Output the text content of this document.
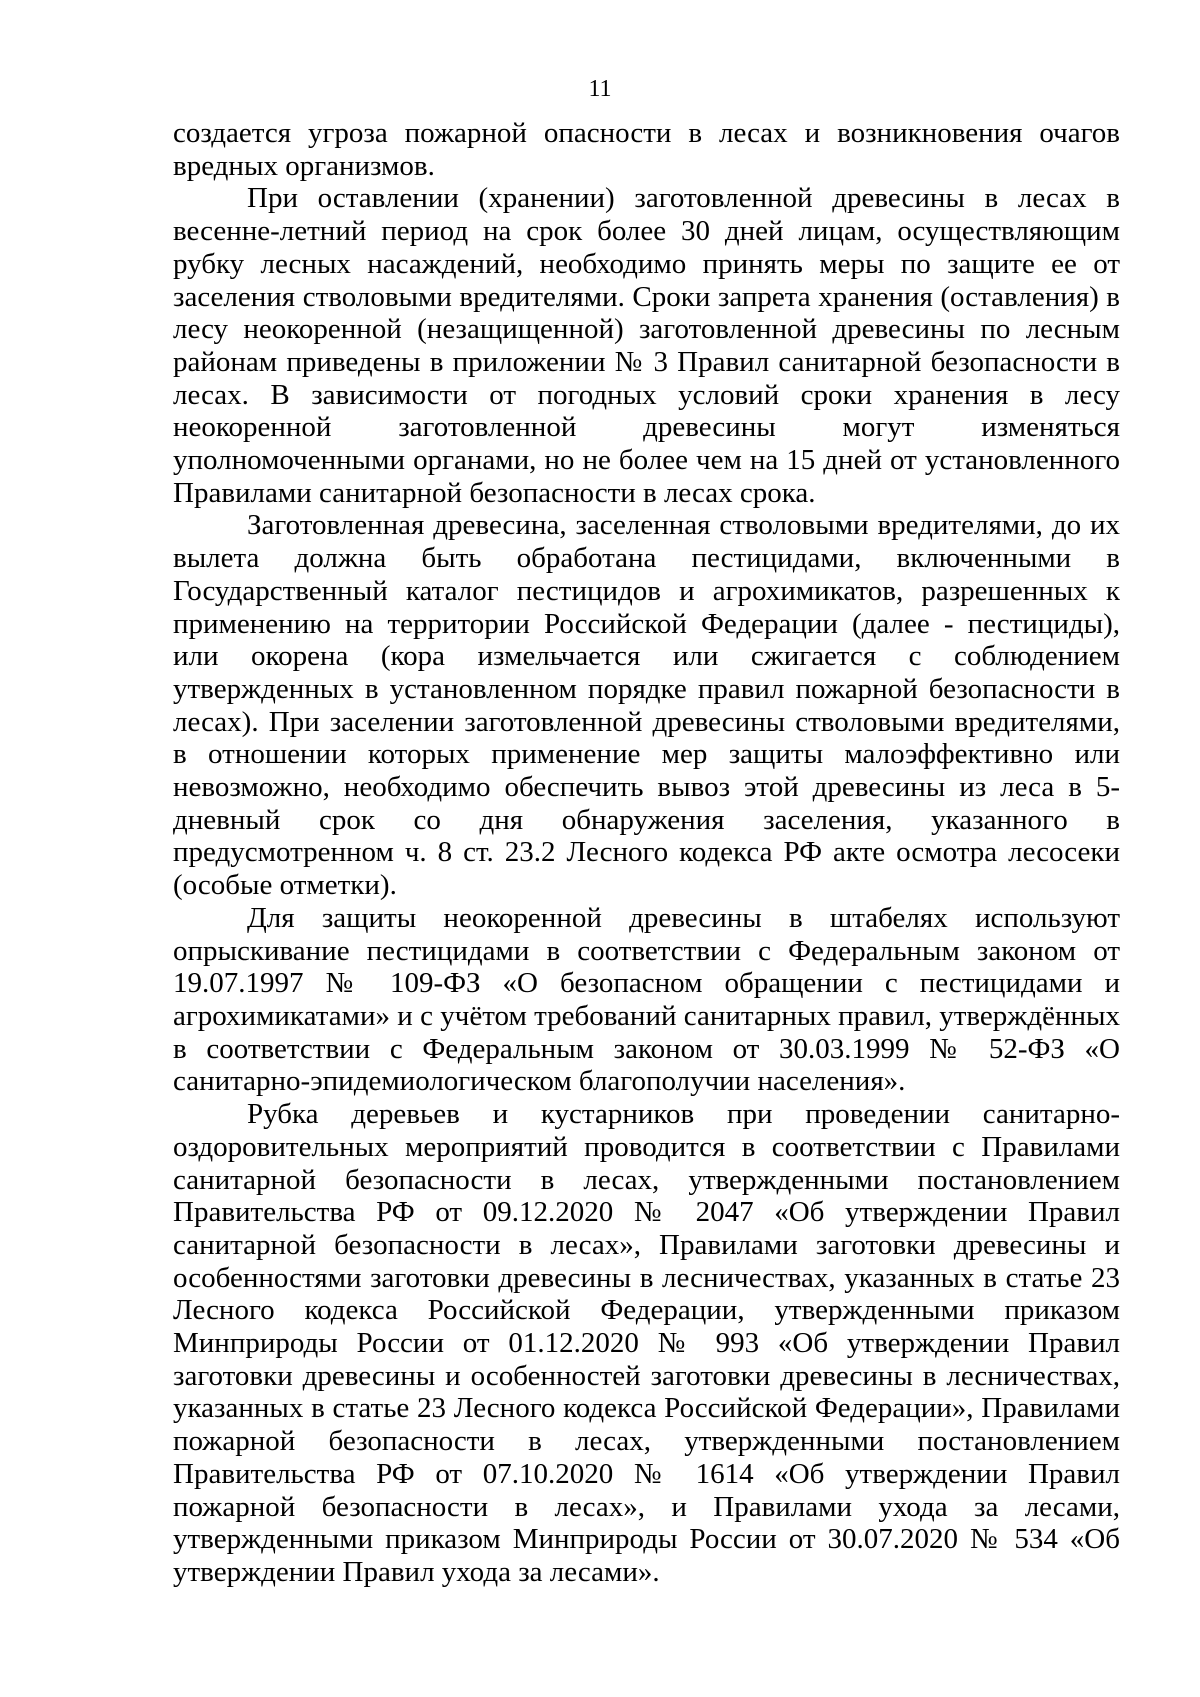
11

создается угроза пожарной опасности в лесах и возникновения очагов вредных организмов.

При оставлении (хранении) заготовленной древесины в лесах в весенне-летний период на срок более 30 дней лицам, осуществляющим рубку лесных насаждений, необходимо принять меры по защите ее от заселения стволовыми вредителями. Сроки запрета хранения (оставления) в лесу неокоренной (незащищенной) заготовленной древесины по лесным районам приведены в приложении № 3 Правил санитарной безопасности в лесах. В зависимости от погодных условий сроки хранения в лесу неокоренной заготовленной древесины могут изменяться уполномоченными органами, но не более чем на 15 дней от установленного Правилами санитарной безопасности в лесах срока.

Заготовленная древесина, заселенная стволовыми вредителями, до их вылета должна быть обработана пестицидами, включенными в Государственный каталог пестицидов и агрохимикатов, разрешенных к применению на территории Российской Федерации (далее - пестициды), или окорена (кора измельчается или сжигается с соблюдением утвержденных в установленном порядке правил пожарной безопасности в лесах). При заселении заготовленной древесины стволовыми вредителями, в отношении которых применение мер защиты малоэффективно или невозможно, необходимо обеспечить вывоз этой древесины из леса в 5-дневный срок со дня обнаружения заселения, указанного в предусмотренном ч. 8 ст. 23.2 Лесного кодекса РФ акте осмотра лесосеки (особые отметки).

Для защиты неокоренной древесины в штабелях используют опрыскивание пестицидами в соответствии с Федеральным законом от 19.07.1997 № 109-ФЗ «О безопасном обращении с пестицидами и агрохимикатами» и с учётом требований санитарных правил, утверждённых в соответствии с Федеральным законом от 30.03.1999 № 52-ФЗ «О санитарно-эпидемиологическом благополучии населения».

Рубка деревьев и кустарников при проведении санитарно-оздоровительных мероприятий проводится в соответствии с Правилами санитарной безопасности в лесах, утвержденными постановлением Правительства РФ от 09.12.2020 № 2047 «Об утверждении Правил санитарной безопасности в лесах», Правилами заготовки древесины и особенностями заготовки древесины в лесничествах, указанных в статье 23 Лесного кодекса Российской Федерации, утвержденными приказом Минприроды России от 01.12.2020 № 993 «Об утверждении Правил заготовки древесины и особенностей заготовки древесины в лесничествах, указанных в статье 23 Лесного кодекса Российской Федерации», Правилами пожарной безопасности в лесах, утвержденными постановлением Правительства РФ от 07.10.2020 № 1614 «Об утверждении Правил пожарной безопасности в лесах», и Правилами ухода за лесами, утвержденными приказом Минприроды России от 30.07.2020 № 534 «Об утверждении Правил ухода за лесами».
